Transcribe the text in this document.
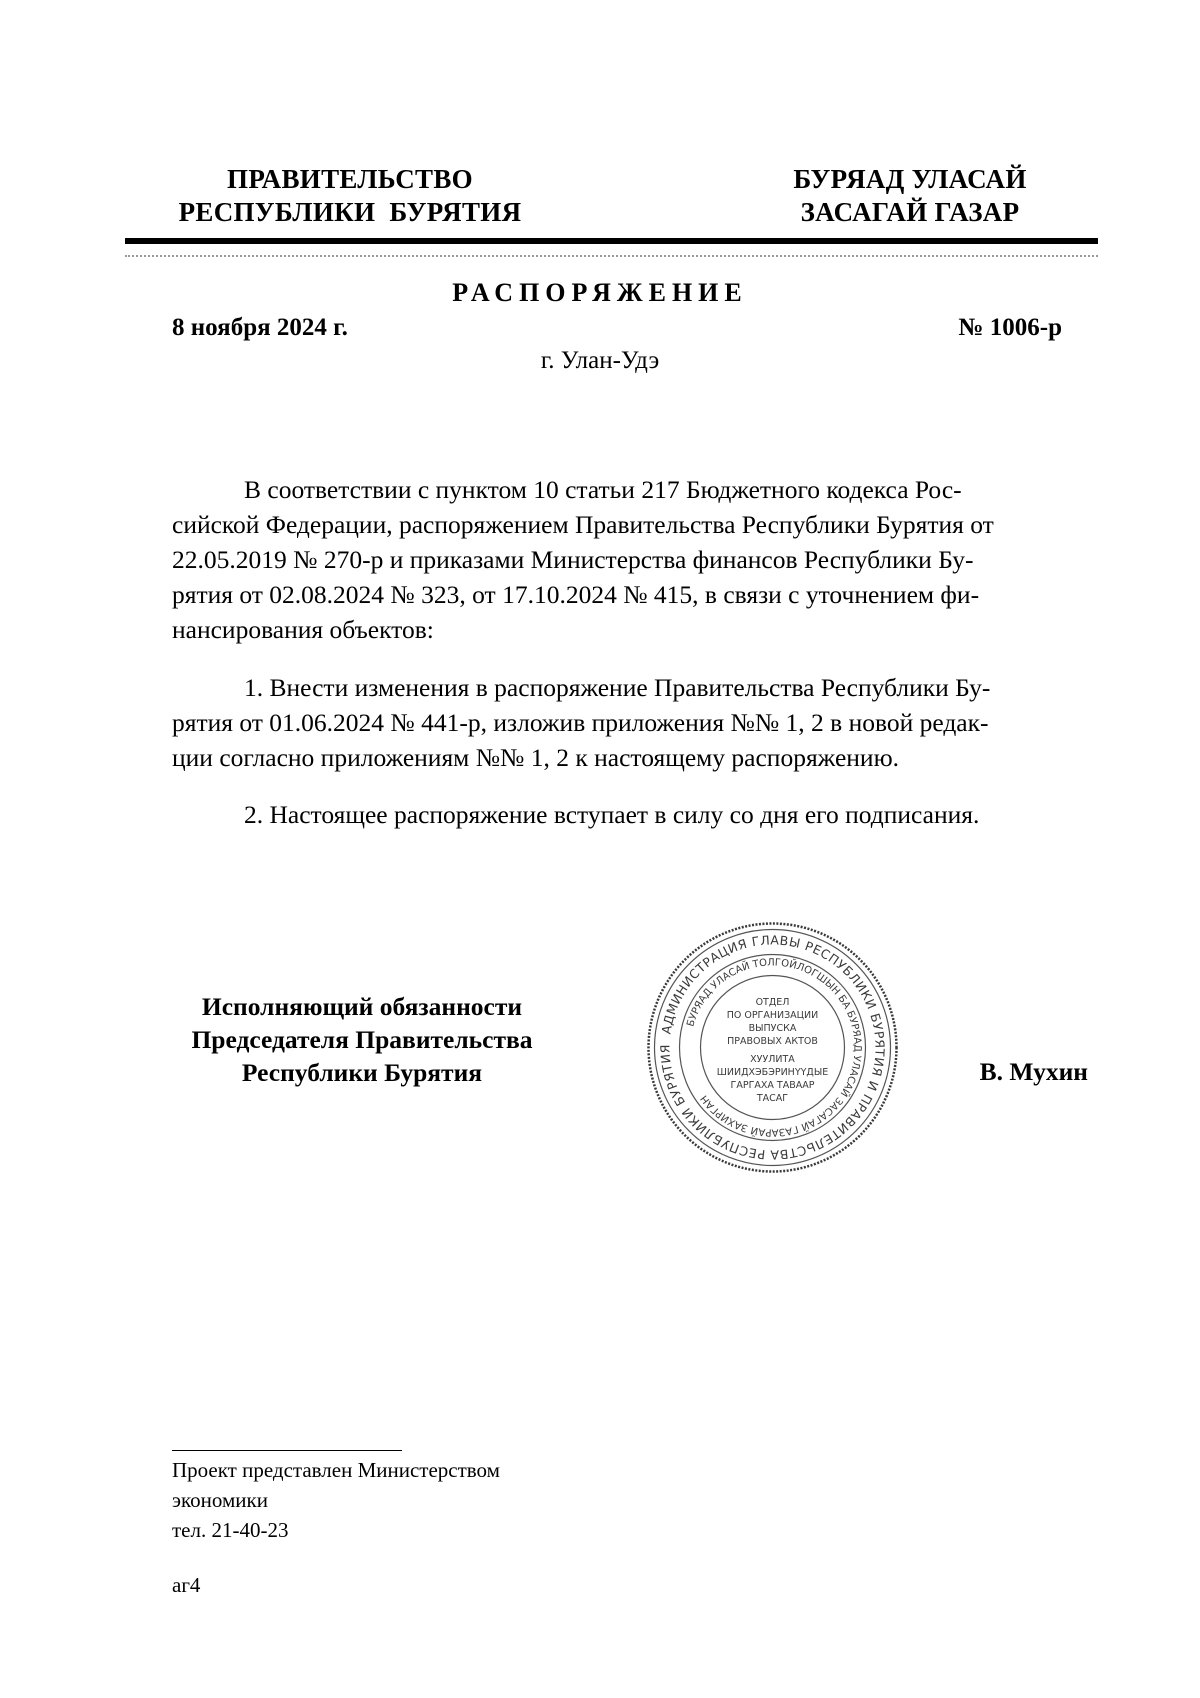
ПРАВИТЕЛЬСТВО
РЕСПУБЛИКИ  БУРЯТИЯ
БУРЯАД УЛАСАЙ
ЗАСАГАЙ ГАЗАР
РАСПОРЯЖЕНИЕ
8 ноября 2024 г.	№ 1006-р
г. Улан-Удэ
В соответствии с пунктом 10 статьи 217 Бюджетного кодекса Рос-
сийской Федерации, распоряжением Правительства Республики Бурятия от
22.05.2019 № 270-р и приказами Министерства финансов Республики Бу-
рятия от 02.08.2024 № 323, от 17.10.2024 № 415, в связи с уточнением фи-
нансирования объектов:
1. Внести изменения в распоряжение Правительства Республики Бу-
рятия от 01.06.2024 № 441-р, изложив приложения №№ 1, 2 в новой редак-
ции согласно приложениям №№ 1, 2 к настоящему распоряжению.
2. Настоящее распоряжение вступает в силу со дня его подписания.
Исполняющий обязанности
Председателя Правительства
Республики Бурятия
АДМИНИСТРАЦИЯ ГЛАВЫ РЕСПУБЛИКИ БУРЯТИЯ И ПРАВИТЕЛЬСТВА РЕСПУБЛИКИ БУРЯТИЯ
БУРЯАД УЛАСАЙ ТОЛГОЙЛОГШЫН БА БУРЯАД УЛАСАЙ ЗАСАГАЙ ГАЗАРАЙ ЗАХИРГАН
ОТДЕЛ
ПО ОРГАНИЗАЦИИ
ВЫПУСКА
ПРАВОВЫХ АКТОВ
ХУУЛИТА
ШИИДХЭБЭРИНҮҮДЫЕ
ГАРГАХА ТАВААР
ТАСАГ
В. Мухин
Проект представлен Министерством
экономики
тел. 21-40-23
аг4
